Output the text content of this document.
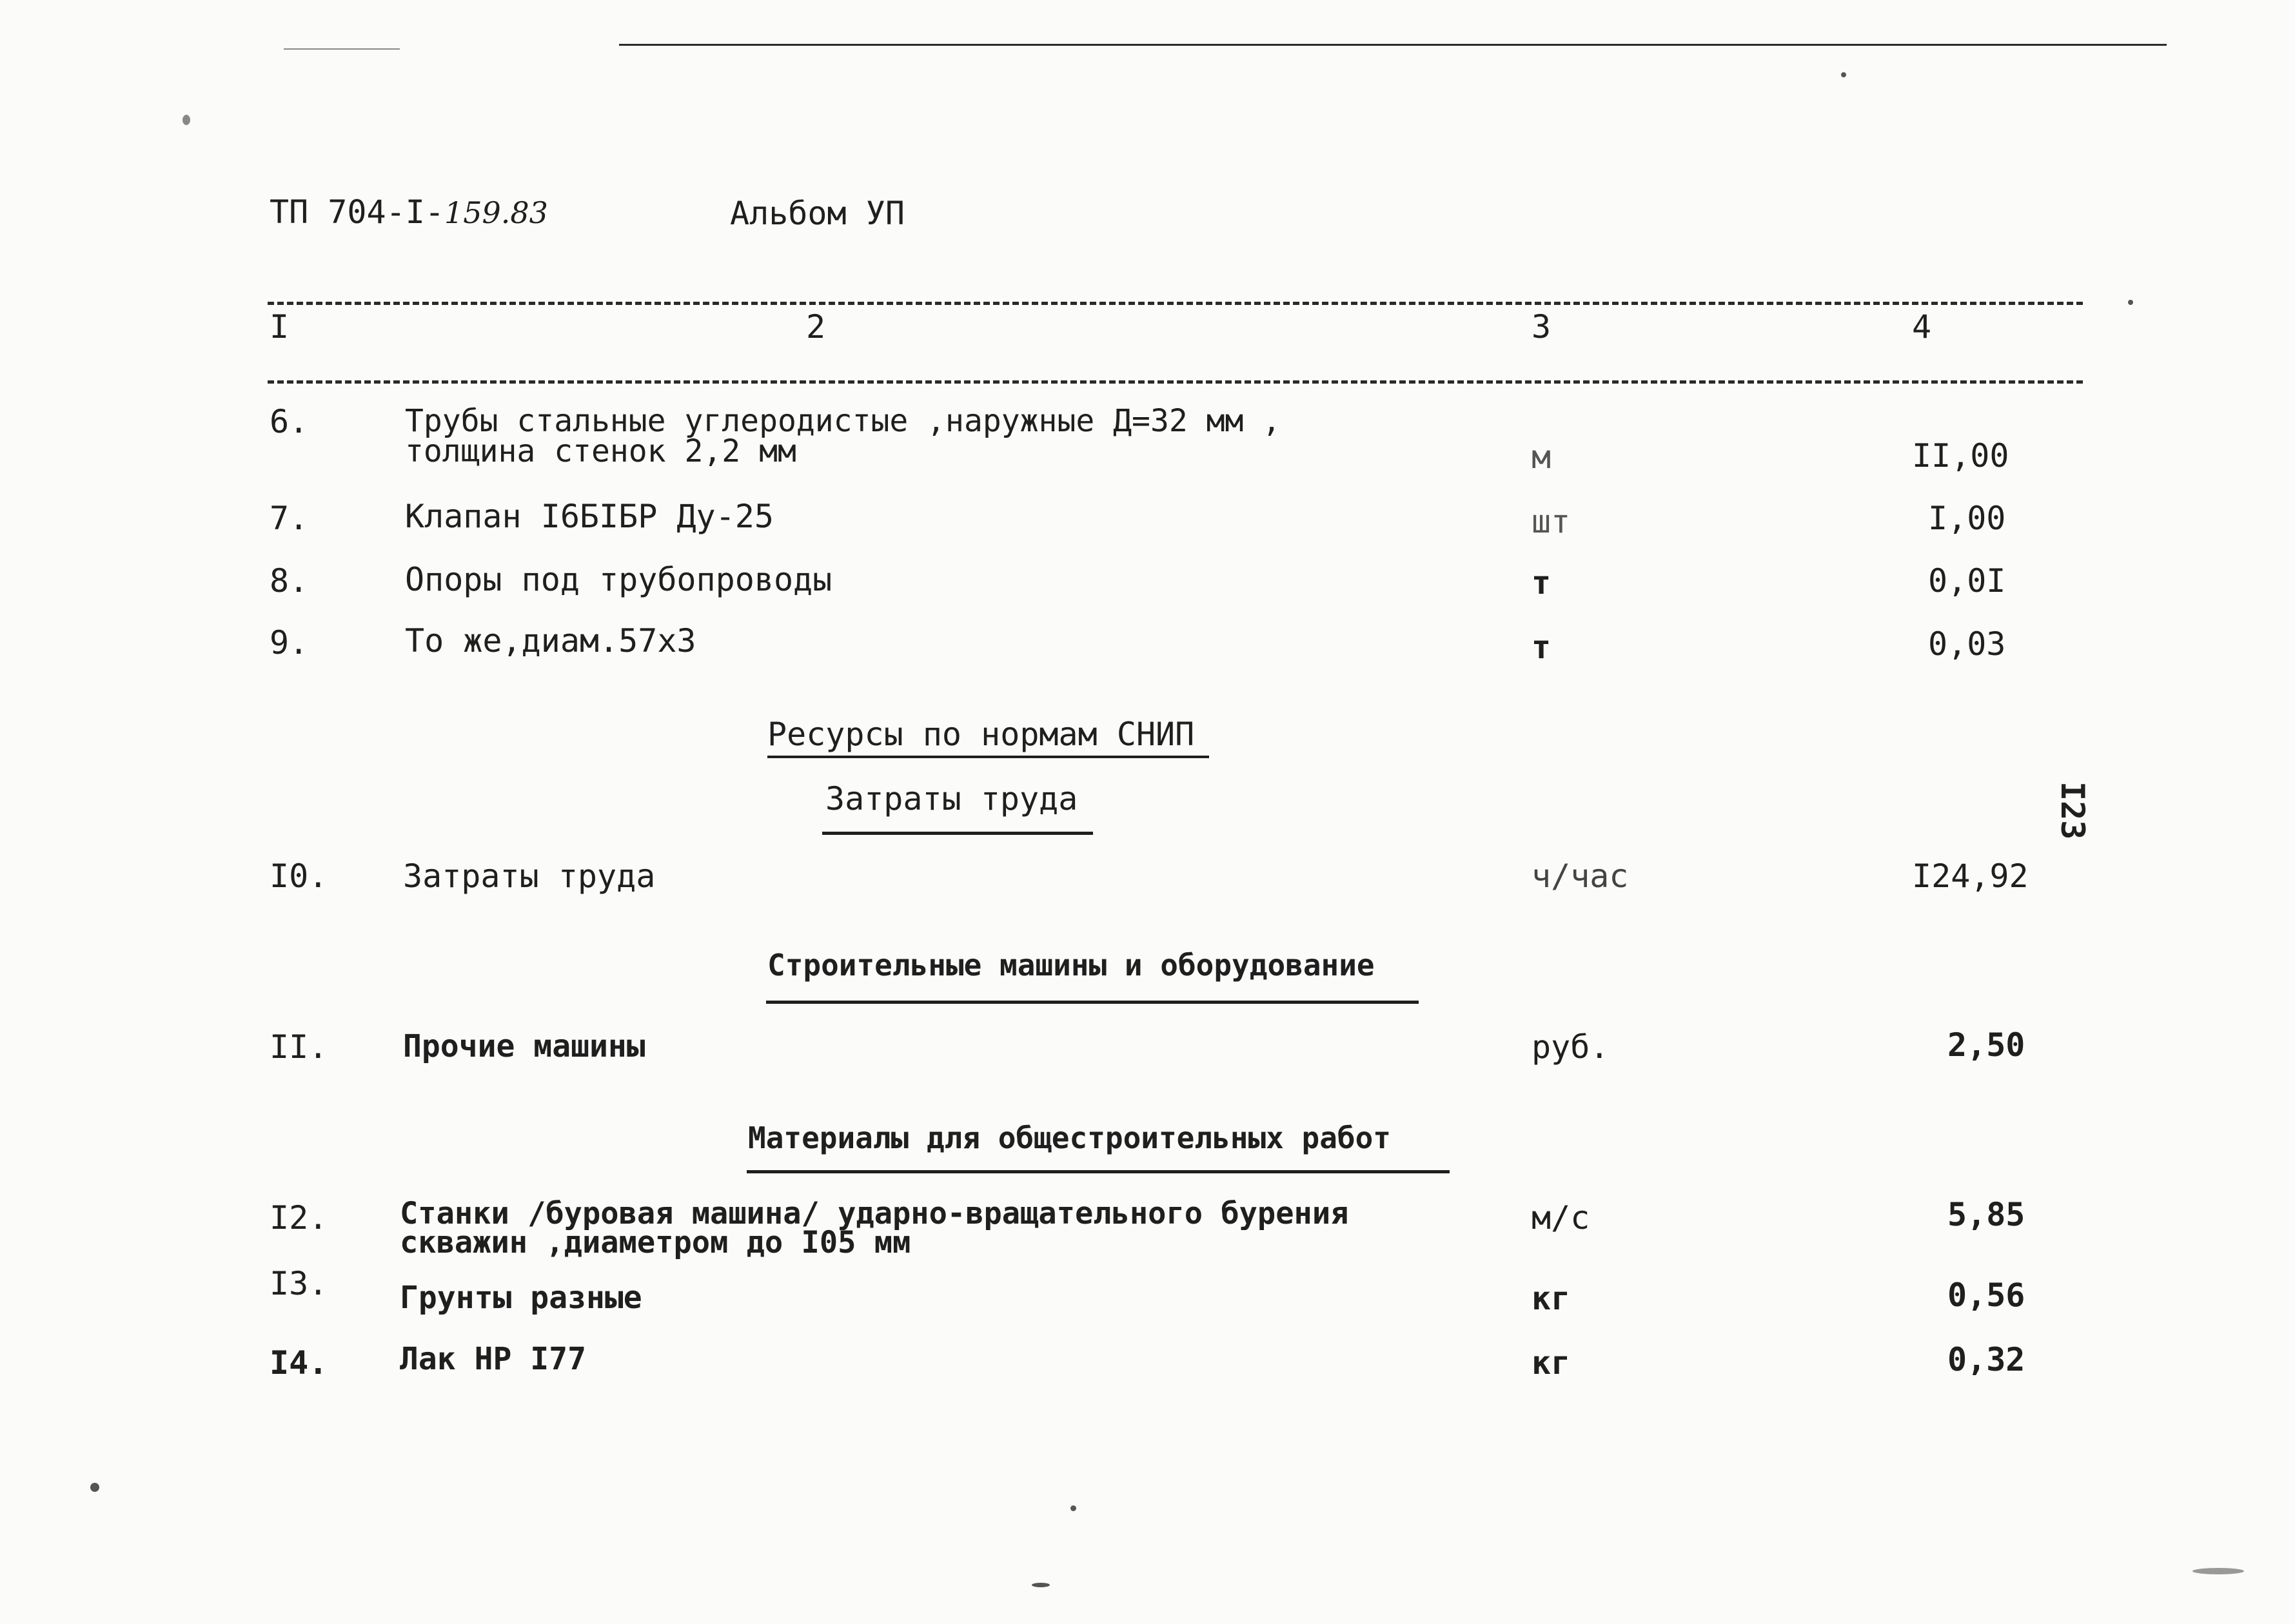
ТП 704-I-159.83	Альбом УП
I	2	3	4
6.	Трубы стальные углеродистые ,наружные Д=32 мм ,
толщина стенок 2,2 мм	м	II,00
7.	Клапан I6БIБР Ду-25	шт	I,00
8.	Опоры под трубопроводы	т	0,0I
9.	То же,диам.57х3	т	0,03
Ресурсы по нормам СНИП
Затраты труда
I0. Затраты труда	ч/час	I24,92
Строительные машины и оборудование
II. Прочие машины	руб.	2,50
Материалы для общестроительных работ
I2. Станки /буровая машина/ ударно-вращательного бурения
скважин ,диаметром до I05 мм
м/с	5,85
I3. Грунты разные	кг	0,56
I4. Лак НР I77	кг	0,32
I23
